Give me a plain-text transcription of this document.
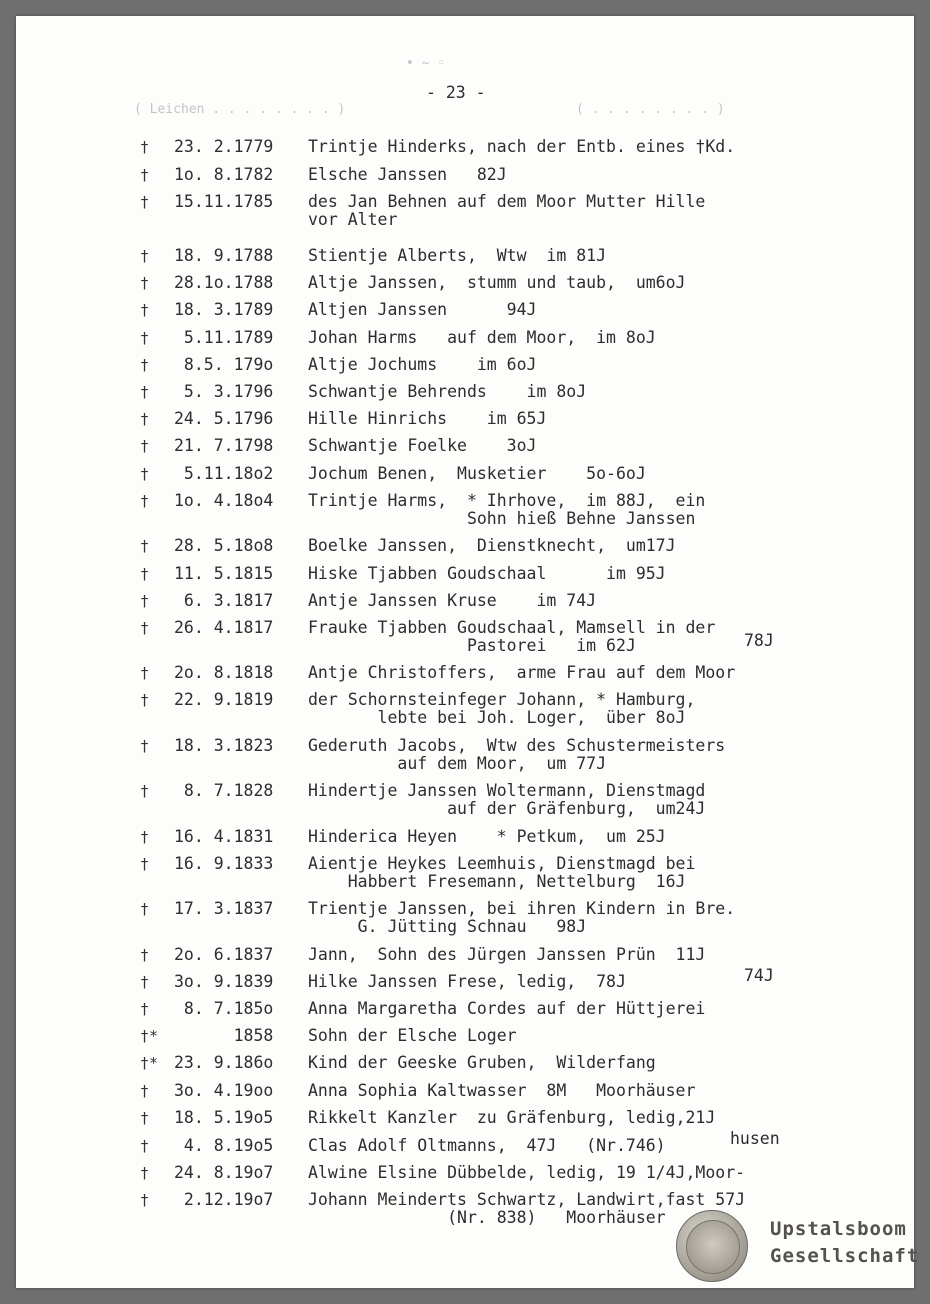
• ~ ◦
- 23 -
( Leichen . . . . . . . . )	( . . . . . . . . )
78J
74J
husen
Upstalsboom
Gesellschaft
† 23. 2.1779 Trintje Hinderks, nach der Entb. eines †Kd.
† 1o. 8.1782 Elsche Janssen   82J
† 15.11.1785 des Jan Behnen auf dem Moor Mutter Hille
vor Alter
† 18. 9.1788 Stientje Alberts,  Wtw  im 81J
† 28.1o.1788 Altje Janssen,  stumm und taub,  um6oJ
† 18. 3.1789 Altjen Janssen      94J
† 5.11.1789 Johan Harms   auf dem Moor,  im 8oJ
† 8.5. 179o Altje Jochums    im 6oJ
† 5. 3.1796 Schwantje Behrends    im 8oJ
† 24. 5.1796 Hille Hinrichs    im 65J
† 21. 7.1798 Schwantje Foelke    3oJ
† 5.11.18o2 Jochum Benen,  Musketier    5o-6oJ
† 1o. 4.18o4 Trintje Harms,  * Ihrhove,  im 88J,  ein
Sohn hieß Behne Janssen
† 28. 5.18o8 Boelke Janssen,  Dienstknecht,  um17J
† 11. 5.1815 Hiske Tjabben Goudschaal      im 95J
† 6. 3.1817 Antje Janssen Kruse    im 74J
† 26. 4.1817 Frauke Tjabben Goudschaal, Mamsell in der
Pastorei   im 62J
† 2o. 8.1818 Antje Christoffers,  arme Frau auf dem Moor
† 22. 9.1819 der Schornsteinfeger Johann, * Hamburg,
lebte bei Joh. Loger,  über 8oJ
† 18. 3.1823 Gederuth Jacobs,  Wtw des Schustermeisters
auf dem Moor,  um 77J
† 8. 7.1828 Hindertje Janssen Woltermann, Dienstmagd
auf der Gräfenburg,  um24J
† 16. 4.1831 Hinderica Heyen    * Petkum,  um 25J
† 16. 9.1833 Aientje Heykes Leemhuis, Dienstmagd bei
Habbert Fresemann, Nettelburg  16J
† 17. 3.1837 Trientje Janssen, bei ihren Kindern in Bre.
G. Jütting Schnau   98J
† 2o. 6.1837 Jann,  Sohn des Jürgen Janssen Prün  11J
† 3o. 9.1839 Hilke Janssen Frese, ledig,  78J
† 8. 7.185o Anna Margaretha Cordes auf der Hüttjerei
†* 1858 Sohn der Elsche Loger
†* 23. 9.186o Kind der Geeske Gruben,  Wilderfang
† 3o. 4.19oo Anna Sophia Kaltwasser  8M   Moorhäuser
† 18. 5.19o5 Rikkelt Kanzler  zu Gräfenburg, ledig,21J
† 4. 8.19o5 Clas Adolf Oltmanns,  47J   (Nr.746)
† 24. 8.19o7 Alwine Elsine Dübbelde, ledig, 19 1/4J,Moor-
† 2.12.19o7 Johann Meinderts Schwartz, Landwirt,fast 57J
(Nr. 838)   Moorhäuser
